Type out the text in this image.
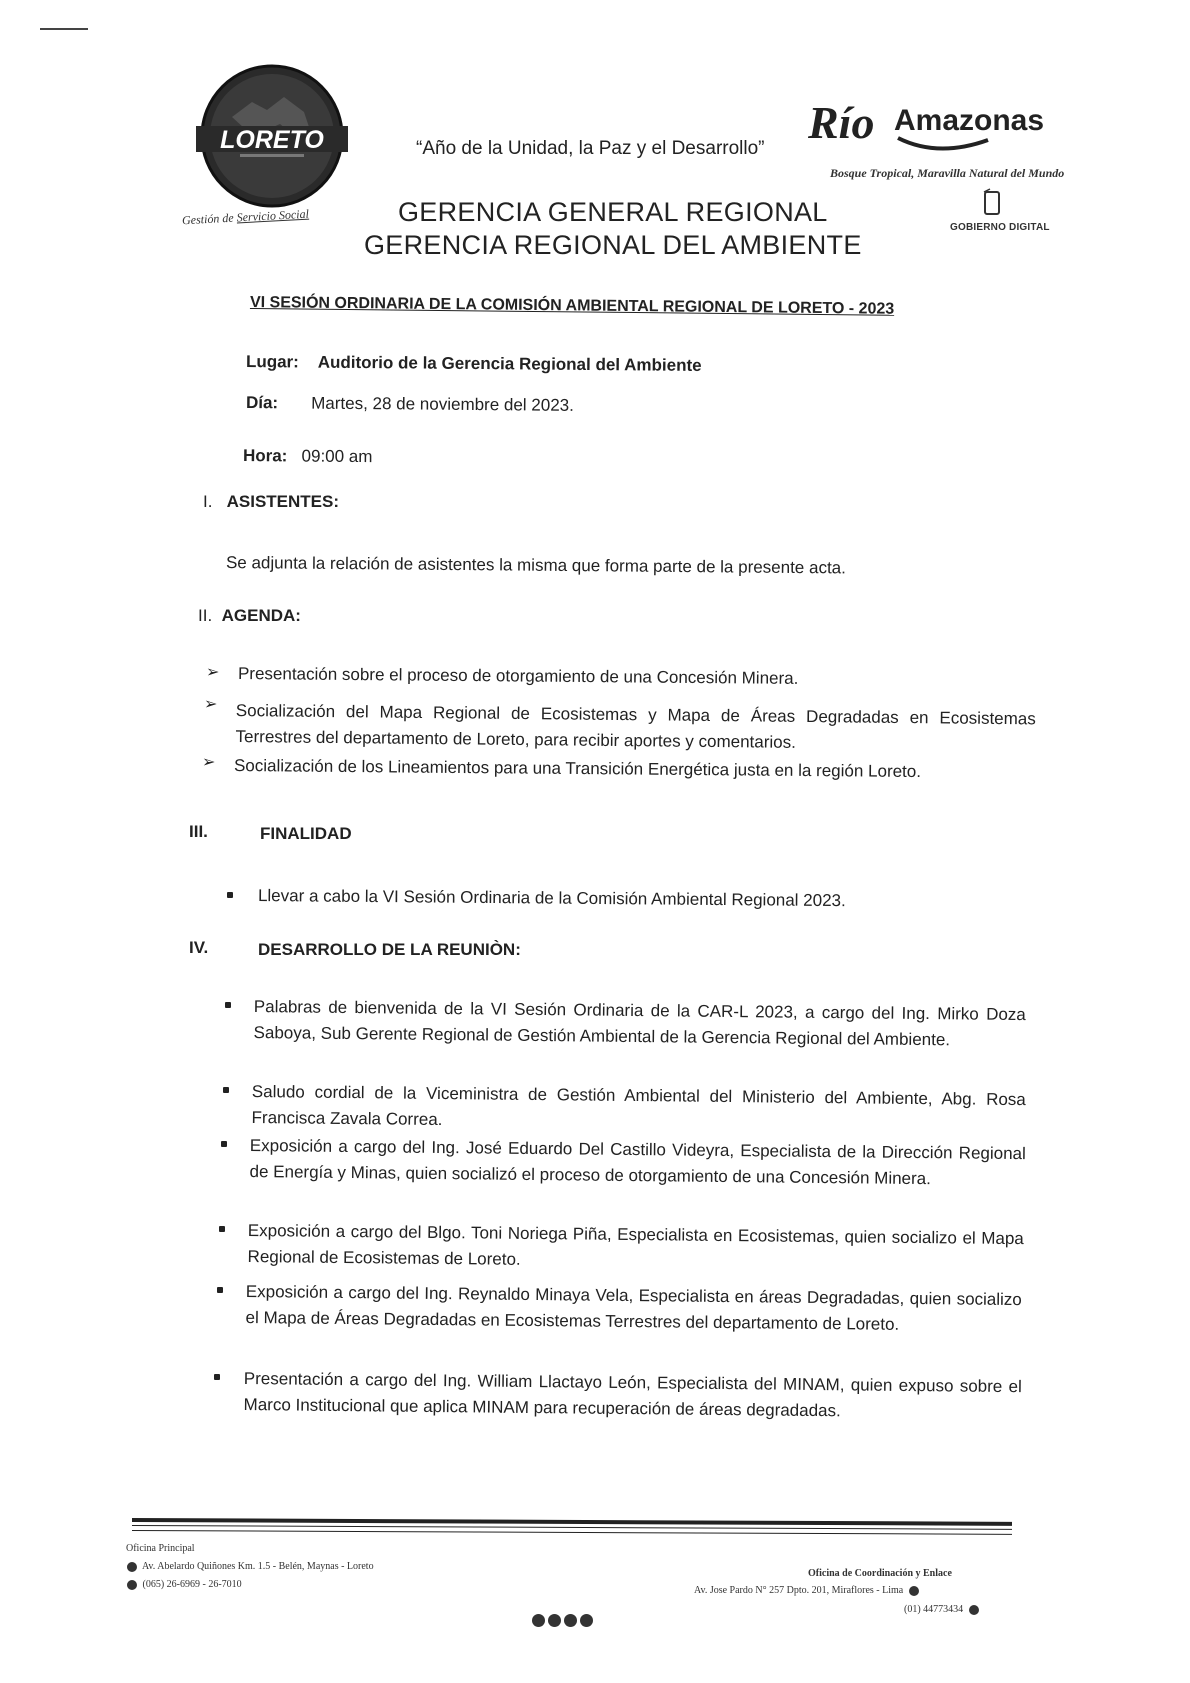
LORETO
Gestión de Servicio Social
“Año de la Unidad, la Paz y el Desarrollo”
GERENCIA GENERAL REGIONAL
GERENCIA REGIONAL DEL AMBIENTE
Río Amazonas
Bosque Tropical, Maravilla Natural del Mundo
GOBIERNO DIGITAL
VI SESIÓN ORDINARIA DE LA COMISIÓN AMBIENTAL REGIONAL DE LORETO - 2023
Lugar: Auditorio de la Gerencia Regional del Ambiente
Día: Martes, 28 de noviembre del 2023.
Hora: 09:00 am
I. ASISTENTES:
Se adjunta la relación de asistentes la misma que forma parte de la presente acta.
II. AGENDA:
➢ Presentación sobre el proceso de otorgamiento de una Concesión Minera.
➢ Socialización del Mapa Regional de Ecosistemas y Mapa de Áreas Degradadas en Ecosistemas Terrestres del departamento de Loreto, para recibir aportes y comentarios.
➢ Socialización de los Lineamientos para una Transición Energética justa en la región Loreto.
III.	FINALIDAD
Llevar a cabo la VI Sesión Ordinaria de la Comisión Ambiental Regional 2023.
IV.	DESARROLLO DE LA REUNIÒN:
Palabras de bienvenida de la VI Sesión Ordinaria de la CAR-L 2023, a cargo del Ing. Mirko Doza Saboya, Sub Gerente Regional de Gestión Ambiental de la Gerencia Regional del Ambiente.
Saludo cordial de la Viceministra de Gestión Ambiental del Ministerio del Ambiente, Abg. Rosa Francisca Zavala Correa.
Exposición a cargo del Ing. José Eduardo Del Castillo Videyra, Especialista de la Dirección Regional de Energía y Minas, quien socializó el proceso de otorgamiento de una Concesión Minera.
Exposición a cargo del Blgo. Toni Noriega Piña, Especialista en Ecosistemas, quien socializo el Mapa Regional de Ecosistemas de Loreto.
Exposición a cargo del Ing. Reynaldo Minaya Vela, Especialista en áreas Degradadas, quien socializo el Mapa de Áreas Degradadas en Ecosistemas Terrestres del departamento de Loreto.
Presentación a cargo del Ing. William Llactayo León, Especialista del MINAM, quien expuso sobre el Marco Institucional que aplica MINAM para recuperación de áreas degradadas.
Oficina Principal
Av. Abelardo Quiñones Km. 1.5 - Belén, Maynas - Loreto
(065) 26-6969 - 26-7010
Oficina de Coordinación y Enlace
Av. Jose Pardo N° 257 Dpto. 201, Miraflores - Lima
(01) 44773434
